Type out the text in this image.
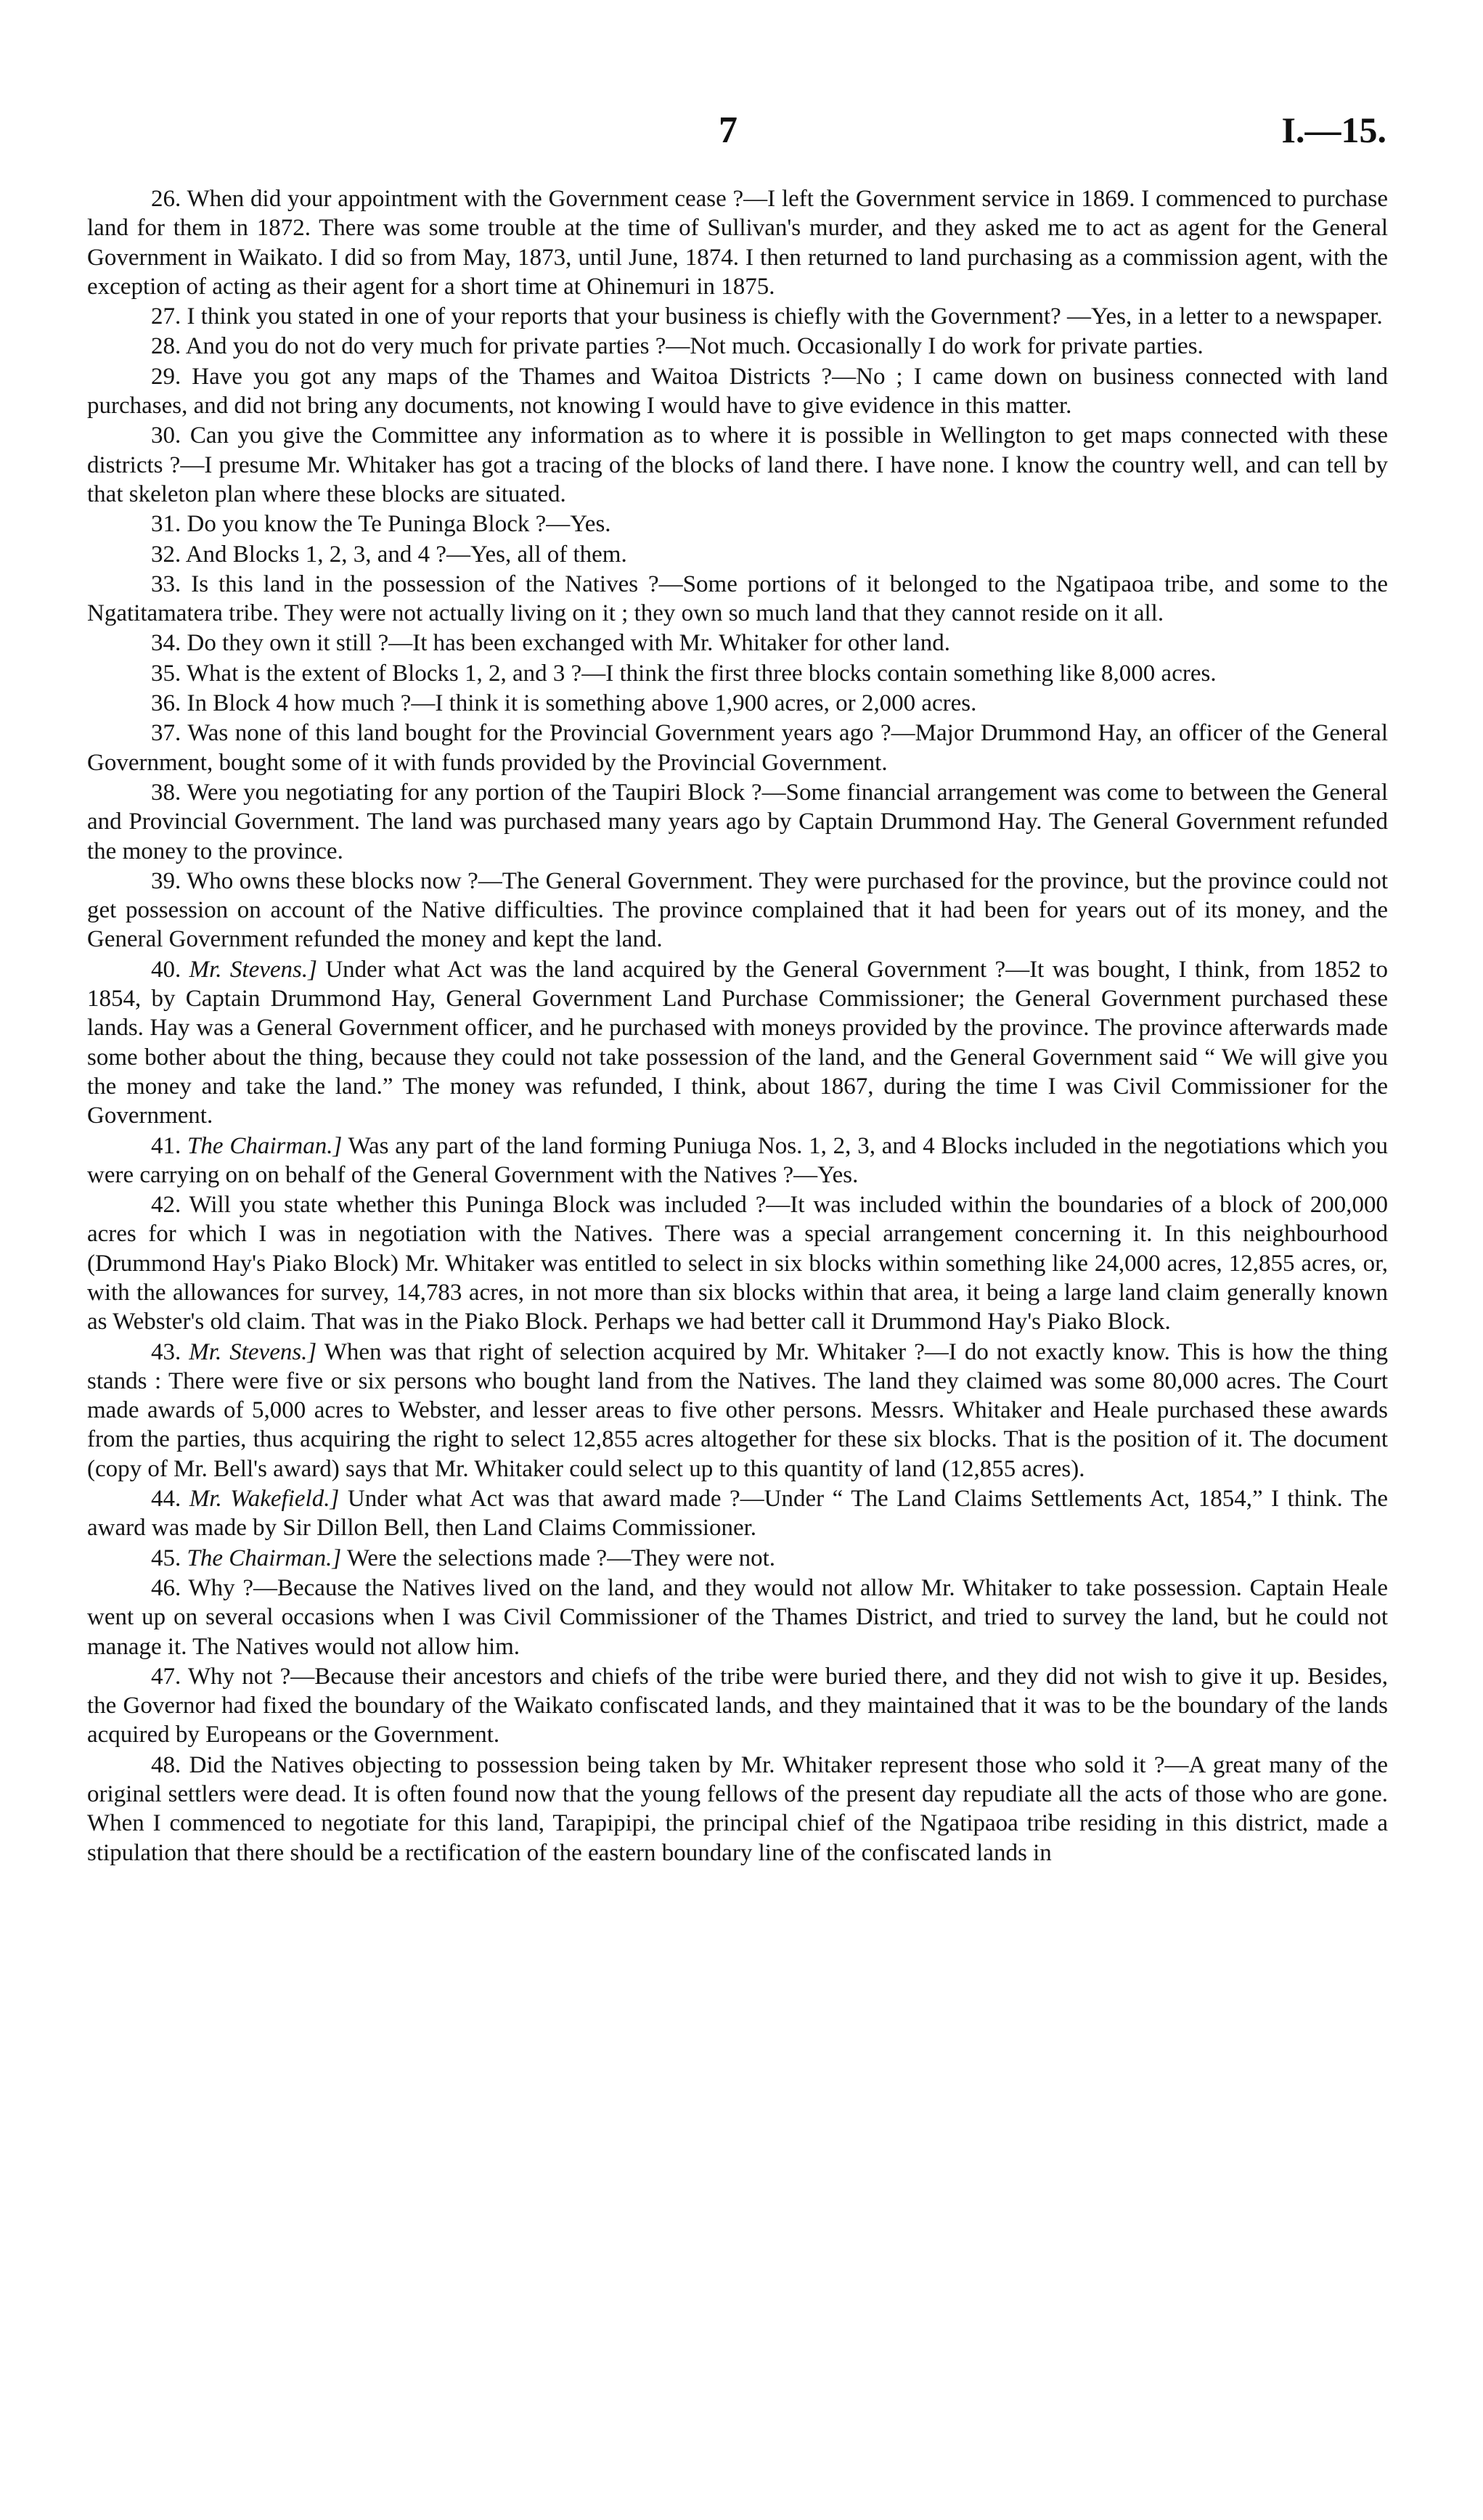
7	I.—15.

26. When did your appointment with the Government cease ?—I left the Government service in 1869. I commenced to purchase land for them in 1872. There was some trouble at the time of Sullivan's murder, and they asked me to act as agent for the General Government in Waikato. I did so from May, 1873, until June, 1874. I then returned to land purchasing as a commission agent, with the exception of acting as their agent for a short time at Ohinemuri in 1875.

27. I think you stated in one of your reports that your business is chiefly with the Government? —Yes, in a letter to a newspaper.

28. And you do not do very much for private parties ?—Not much. Occasionally I do work for private parties.

29. Have you got any maps of the Thames and Waitoa Districts ?—No ; I came down on business connected with land purchases, and did not bring any documents, not knowing I would have to give evidence in this matter.

30. Can you give the Committee any information as to where it is possible in Wellington to get maps connected with these districts ?—I presume Mr. Whitaker has got a tracing of the blocks of land there. I have none. I know the country well, and can tell by that skeleton plan where these blocks are situated.

31. Do you know the Te Puninga Block ?—Yes.

32. And Blocks 1, 2, 3, and 4 ?—Yes, all of them.

33. Is this land in the possession of the Natives ?—Some portions of it belonged to the Ngatipaoa tribe, and some to the Ngatitamatera tribe. They were not actually living on it ; they own so much land that they cannot reside on it all.

34. Do they own it still ?—It has been exchanged with Mr. Whitaker for other land.

35. What is the extent of Blocks 1, 2, and 3 ?—I think the first three blocks contain something like 8,000 acres.

36. In Block 4 how much ?—I think it is something above 1,900 acres, or 2,000 acres.

37. Was none of this land bought for the Provincial Government years ago ?—Major Drummond Hay, an officer of the General Government, bought some of it with funds provided by the Provincial Government.

38. Were you negotiating for any portion of the Taupiri Block ?—Some financial arrangement was come to between the General and Provincial Government. The land was purchased many years ago by Captain Drummond Hay. The General Government refunded the money to the province.

39. Who owns these blocks now ?—The General Government. They were purchased for the province, but the province could not get possession on account of the Native difficulties. The province complained that it had been for years out of its money, and the General Government refunded the money and kept the land.

40. Mr. Stevens.] Under what Act was the land acquired by the General Government ?—It was bought, I think, from 1852 to 1854, by Captain Drummond Hay, General Government Land Purchase Commissioner; the General Government purchased these lands. Hay was a General Government officer, and he purchased with moneys provided by the province. The province afterwards made some bother about the thing, because they could not take possession of the land, and the General Government said “ We will give you the money and take the land.” The money was refunded, I think, about 1867, during the time I was Civil Commissioner for the Government.

41. The Chairman.] Was any part of the land forming Puniuga Nos. 1, 2, 3, and 4 Blocks included in the negotiations which you were carrying on on behalf of the General Government with the Natives ?—Yes.

42. Will you state whether this Puninga Block was included ?—It was included within the boundaries of a block of 200,000 acres for which I was in negotiation with the Natives. There was a special arrangement concerning it. In this neighbourhood (Drummond Hay's Piako Block) Mr. Whitaker was entitled to select in six blocks within something like 24,000 acres, 12,855 acres, or, with the allowances for survey, 14,783 acres, in not more than six blocks within that area, it being a large land claim generally known as Webster's old claim. That was in the Piako Block. Perhaps we had better call it Drummond Hay's Piako Block.

43. Mr. Stevens.] When was that right of selection acquired by Mr. Whitaker ?—I do not exactly know. This is how the thing stands : There were five or six persons who bought land from the Natives. The land they claimed was some 80,000 acres. The Court made awards of 5,000 acres to Webster, and lesser areas to five other persons. Messrs. Whitaker and Heale purchased these awards from the parties, thus acquiring the right to select 12,855 acres altogether for these six blocks. That is the position of it. The document (copy of Mr. Bell's award) says that Mr. Whitaker could select up to this quantity of land (12,855 acres).

44. Mr. Wakefield.] Under what Act was that award made ?—Under “ The Land Claims Settlements Act, 1854,” I think. The award was made by Sir Dillon Bell, then Land Claims Commissioner.

45. The Chairman.] Were the selections made ?—They were not.

46. Why ?—Because the Natives lived on the land, and they would not allow Mr. Whitaker to take possession. Captain Heale went up on several occasions when I was Civil Commissioner of the Thames District, and tried to survey the land, but he could not manage it. The Natives would not allow him.

47. Why not ?—Because their ancestors and chiefs of the tribe were buried there, and they did not wish to give it up. Besides, the Governor had fixed the boundary of the Waikato confiscated lands, and they maintained that it was to be the boundary of the lands acquired by Europeans or the Government.

48. Did the Natives objecting to possession being taken by Mr. Whitaker represent those who sold it ?—A great many of the original settlers were dead. It is often found now that the young fellows of the present day repudiate all the acts of those who are gone. When I commenced to negotiate for this land, Tarapipipi, the principal chief of the Ngatipaoa tribe residing in this district, made a stipulation that there should be a rectification of the eastern boundary line of the confiscated lands in
